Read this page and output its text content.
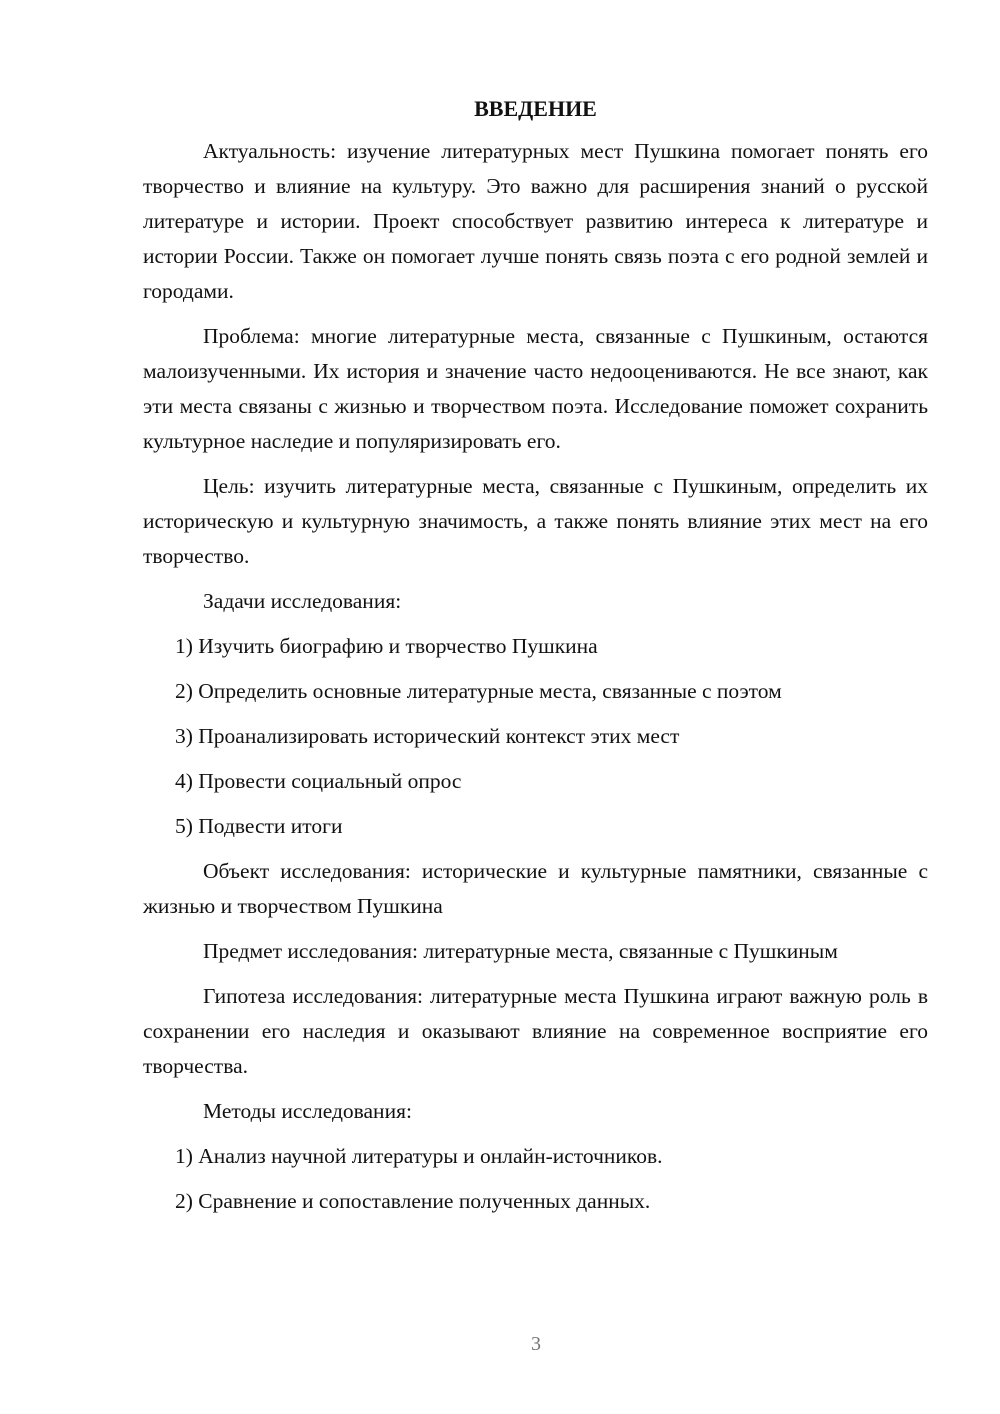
ВВЕДЕНИЕ

Актуальность: изучение литературных мест Пушкина помогает понять его творчество и влияние на культуру. Это важно для расширения знаний о русской литературе и истории. Проект способствует развитию интереса к литературе и истории России. Также он помогает лучше понять связь поэта с его родной землей и городами.

Проблема: многие литературные места, связанные с Пушкиным, остаются малоизученными. Их история и значение часто недооцениваются. Не все знают, как эти места связаны с жизнью и творчеством поэта. Исследование поможет сохранить культурное наследие и популяризировать его.

Цель: изучить литературные места, связанные с Пушкиным, определить их историческую и культурную значимость, а также понять влияние этих мест на его творчество.

Задачи исследования:

1) Изучить биографию и творчество Пушкина
2) Определить основные литературные места, связанные с поэтом
3) Проанализировать исторический контекст этих мест
4) Провести социальный опрос
5) Подвести итоги

Объект исследования: исторические и культурные памятники, связанные с жизнью и творчеством Пушкина

Предмет исследования: литературные места, связанные с Пушкиным

Гипотеза исследования: литературные места Пушкина играют важную роль в сохранении его наследия и оказывают влияние на современное восприятие его творчества.

Методы исследования:

1) Анализ научной литературы и онлайн-источников.
2) Сравнение и сопоставление полученных данных.
3
